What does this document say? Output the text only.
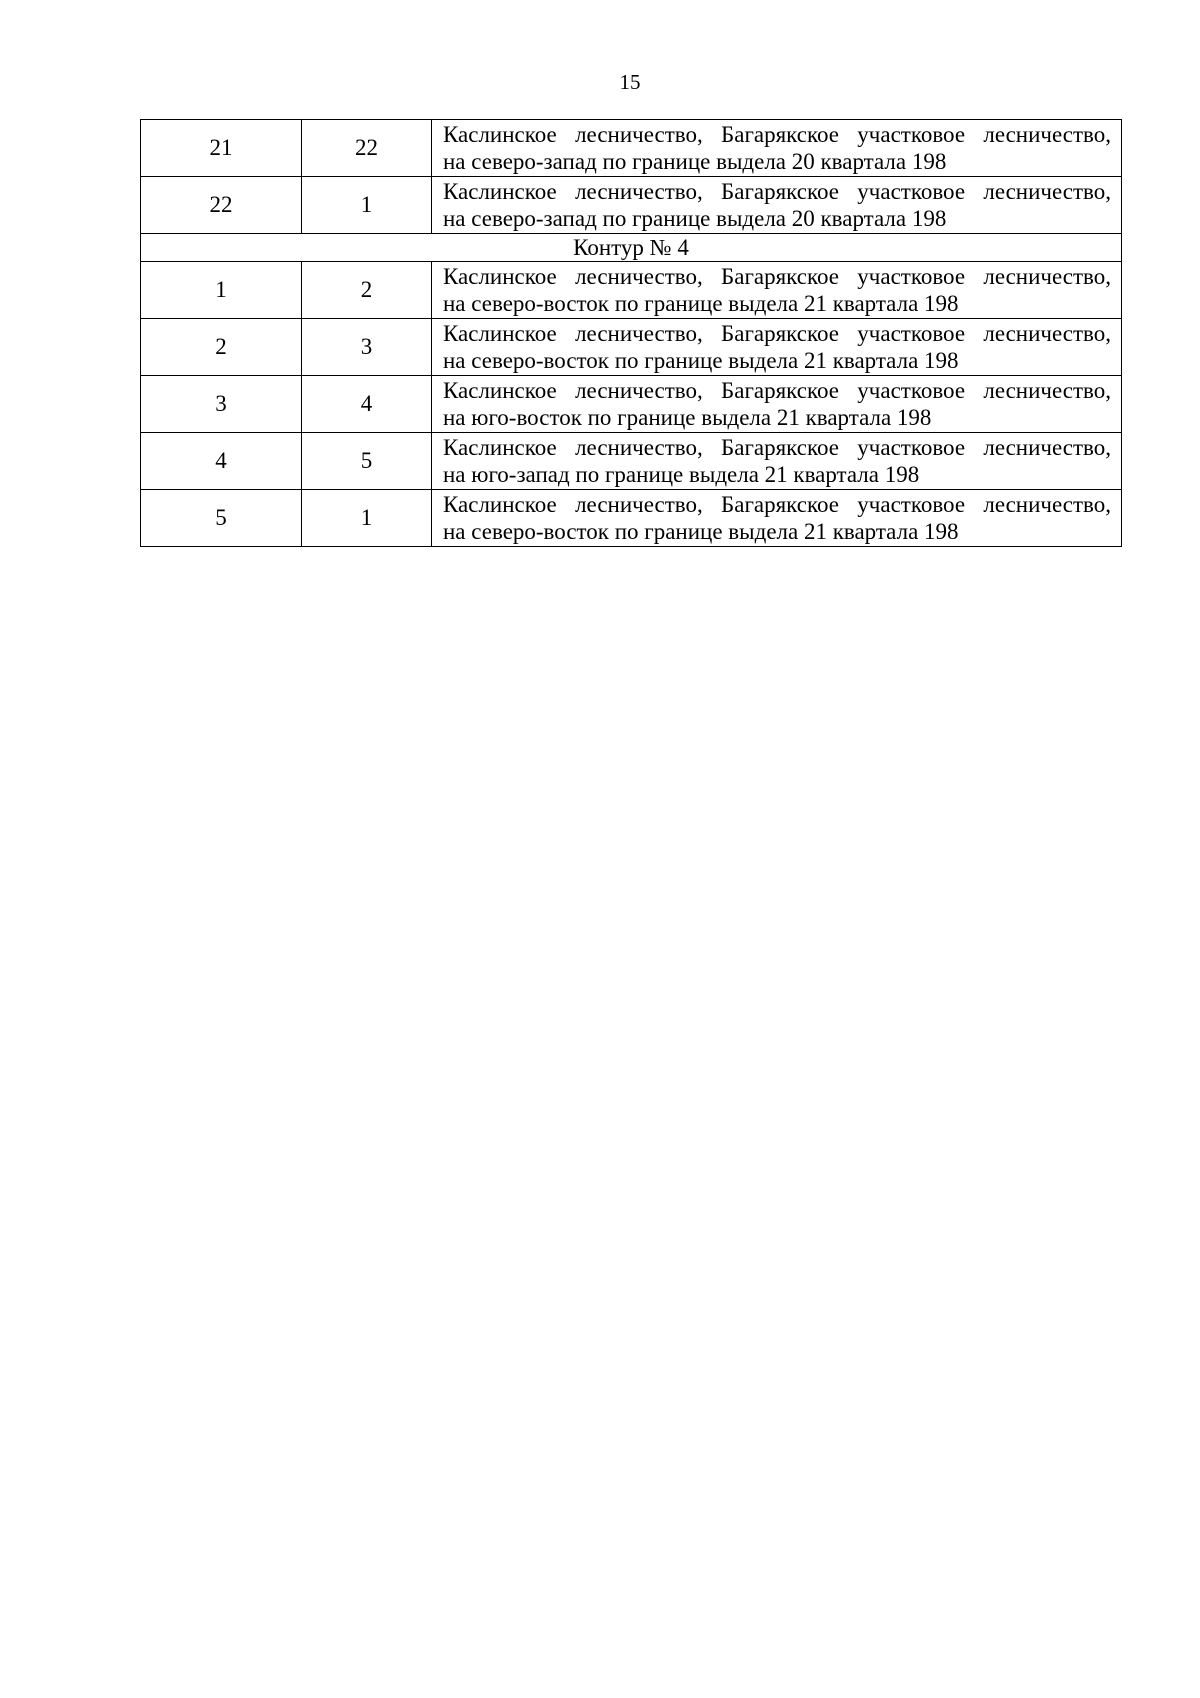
15
21	22	Каслинское лесничество, Багарякское участковое лесничество,
на северо-запад по границе выдела 20 квартала 198

22	1	Каслинское лесничество, Багарякское участковое лесничество,
на северо-запад по границе выдела 20 квартала 198

Контур № 4		
1	2	Каслинское лесничество, Багарякское участковое лесничество,
на северо-восток по границе выдела 21 квартала 198

2	3	Каслинское лесничество, Багарякское участковое лесничество,
на северо-восток по границе выдела 21 квартала 198

3	4	Каслинское лесничество, Багарякское участковое лесничество,
на юго-восток по границе выдела 21 квартала 198

4	5	Каслинское лесничество, Багарякское участковое лесничество,
на юго-запад по границе выдела 21 квартала 198

5	1	Каслинское лесничество, Багарякское участковое лесничество,
на северо-восток по границе выдела 21 квартала 198
